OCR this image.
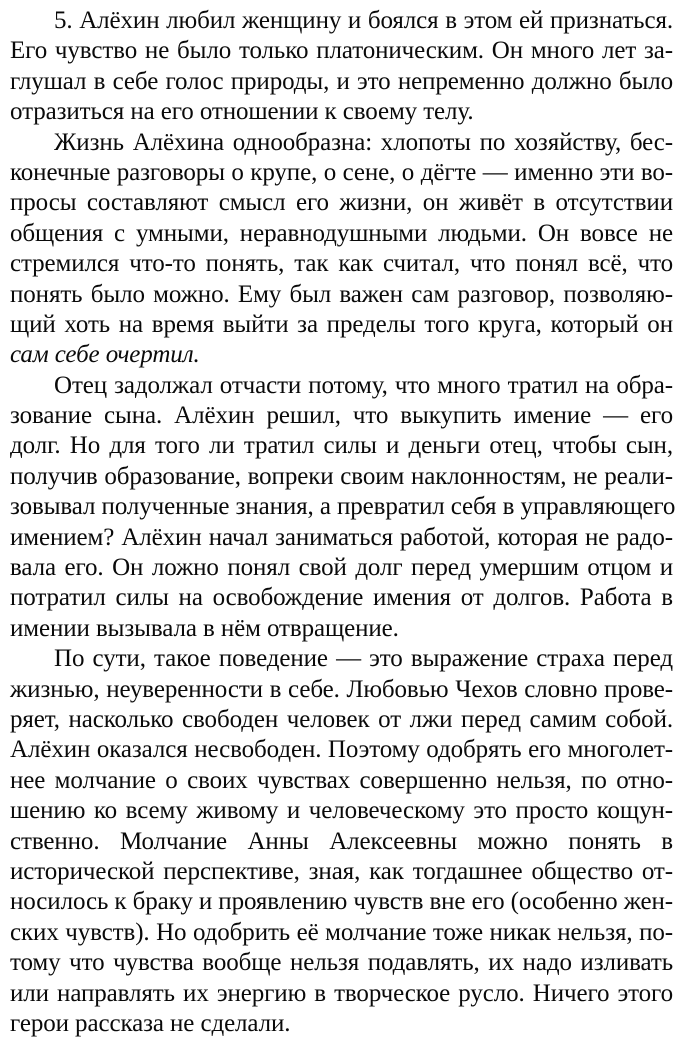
5. Алёхин любил женщину и боялся в этом ей признаться.
Его чувство не было только платоническим. Он много лет за-
глушал в себе голос природы, и это непременно должно было
отразиться на его отношении к своему телу.
Жизнь Алёхина однообразна: хлопоты по хозяйству, бес-
конечные разговоры о крупе, о сене, о дёгте — именно эти во-
просы составляют смысл его жизни, он живёт в отсутствии
общения с умными, неравнодушными людьми. Он вовсе не
стремился что-то понять, так как считал, что понял всё, что
понять было можно. Ему был важен сам разговор, позволяю-
щий хоть на время выйти за пределы того круга, который он
сам себе очертил.
Отец задолжал отчасти потому, что много тратил на обра-
зование сына. Алёхин решил, что выкупить имение — его
долг. Но для того ли тратил силы и деньги отец, чтобы сын,
получив образование, вопреки своим наклонностям, не реали-
зовывал полученные знания, а превратил себя в управляющего
имением? Алёхин начал заниматься работой, которая не радо-
вала его. Он ложно понял свой долг перед умершим отцом и
потратил силы на освобождение имения от долгов. Работа в
имении вызывала в нём отвращение.
По сути, такое поведение — это выражение страха перед
жизнью, неуверенности в себе. Любовью Чехов словно прове-
ряет, насколько свободен человек от лжи перед самим собой.
Алёхин оказался несвободен. Поэтому одобрять его многолет-
нее молчание о своих чувствах совершенно нельзя, по отно-
шению ко всему живому и человеческому это просто кощун-
ственно. Молчание Анны Алексеевны можно понять в
исторической перспективе, зная, как тогдашнее общество от-
носилось к браку и проявлению чувств вне его (особенно жен-
ских чувств). Но одобрить её молчание тоже никак нельзя, по-
тому что чувства вообще нельзя подавлять, их надо изливать
или направлять их энергию в творческое русло. Ничего этого
герои рассказа не сделали.
